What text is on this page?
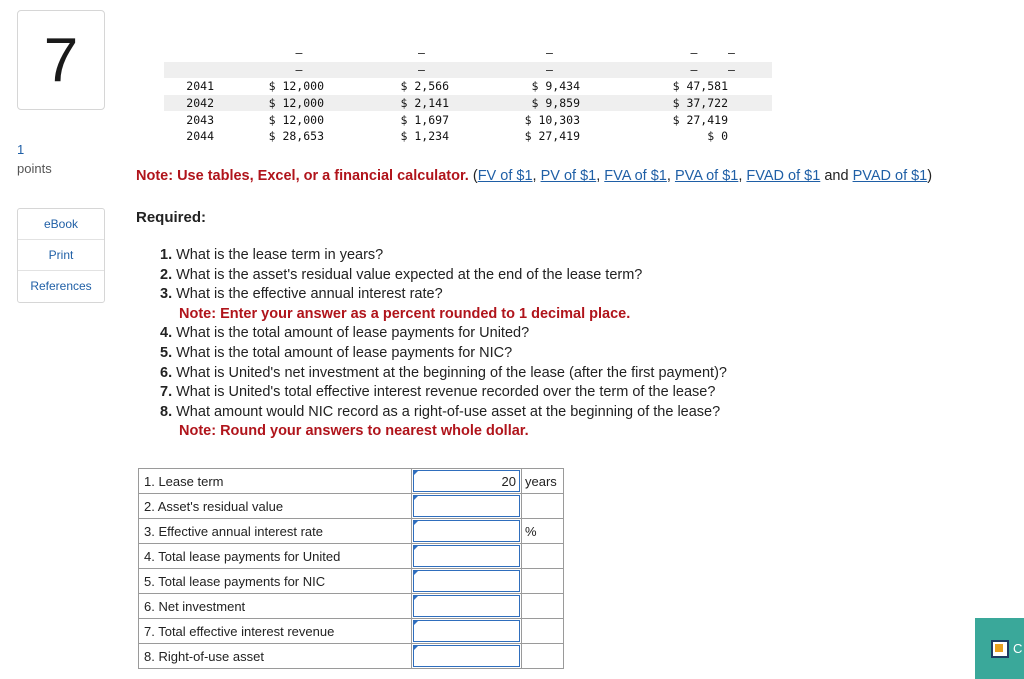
7
1
points
eBook
Print
References
	–	–	–	–	–
	–	–	–	–	–
2041	$ 12,000	$ 2,566	$ 9,434	$ 47,581	
2042	$ 12,000	$ 2,141	$ 9,859	$ 37,722	
2043	$ 12,000	$ 1,697	$ 10,303	$ 27,419	
2044	$ 28,653	$ 1,234	$ 27,419	$ 0	
Note: Use tables, Excel, or a financial calculator. (FV of $1, PV of $1, FVA of $1, PVA of $1, FVAD of $1 and PVAD of $1)
Required:
1. What is the lease term in years?
2. What is the asset's residual value expected at the end of the lease term?
3. What is the effective annual interest rate?
Note: Enter your answer as a percent rounded to 1 decimal place.
4. What is the total amount of lease payments for United?
5. What is the total amount of lease payments for NIC?
6. What is United's net investment at the beginning of the lease (after the first payment)?
7. What is United's total effective interest revenue recorded over the term of the lease?
8. What amount would NIC record as a right-of-use asset at the beginning of the lease?
Note: Round your answers to nearest whole dollar.
1. Lease term	20	years
2. Asset's residual value	

3. Effective annual interest rate		%
4. Total lease payments for United	

5. Total lease payments for NIC	

6. Net investment	

7. Total effective interest revenue	

8. Right-of-use asset	
		C
